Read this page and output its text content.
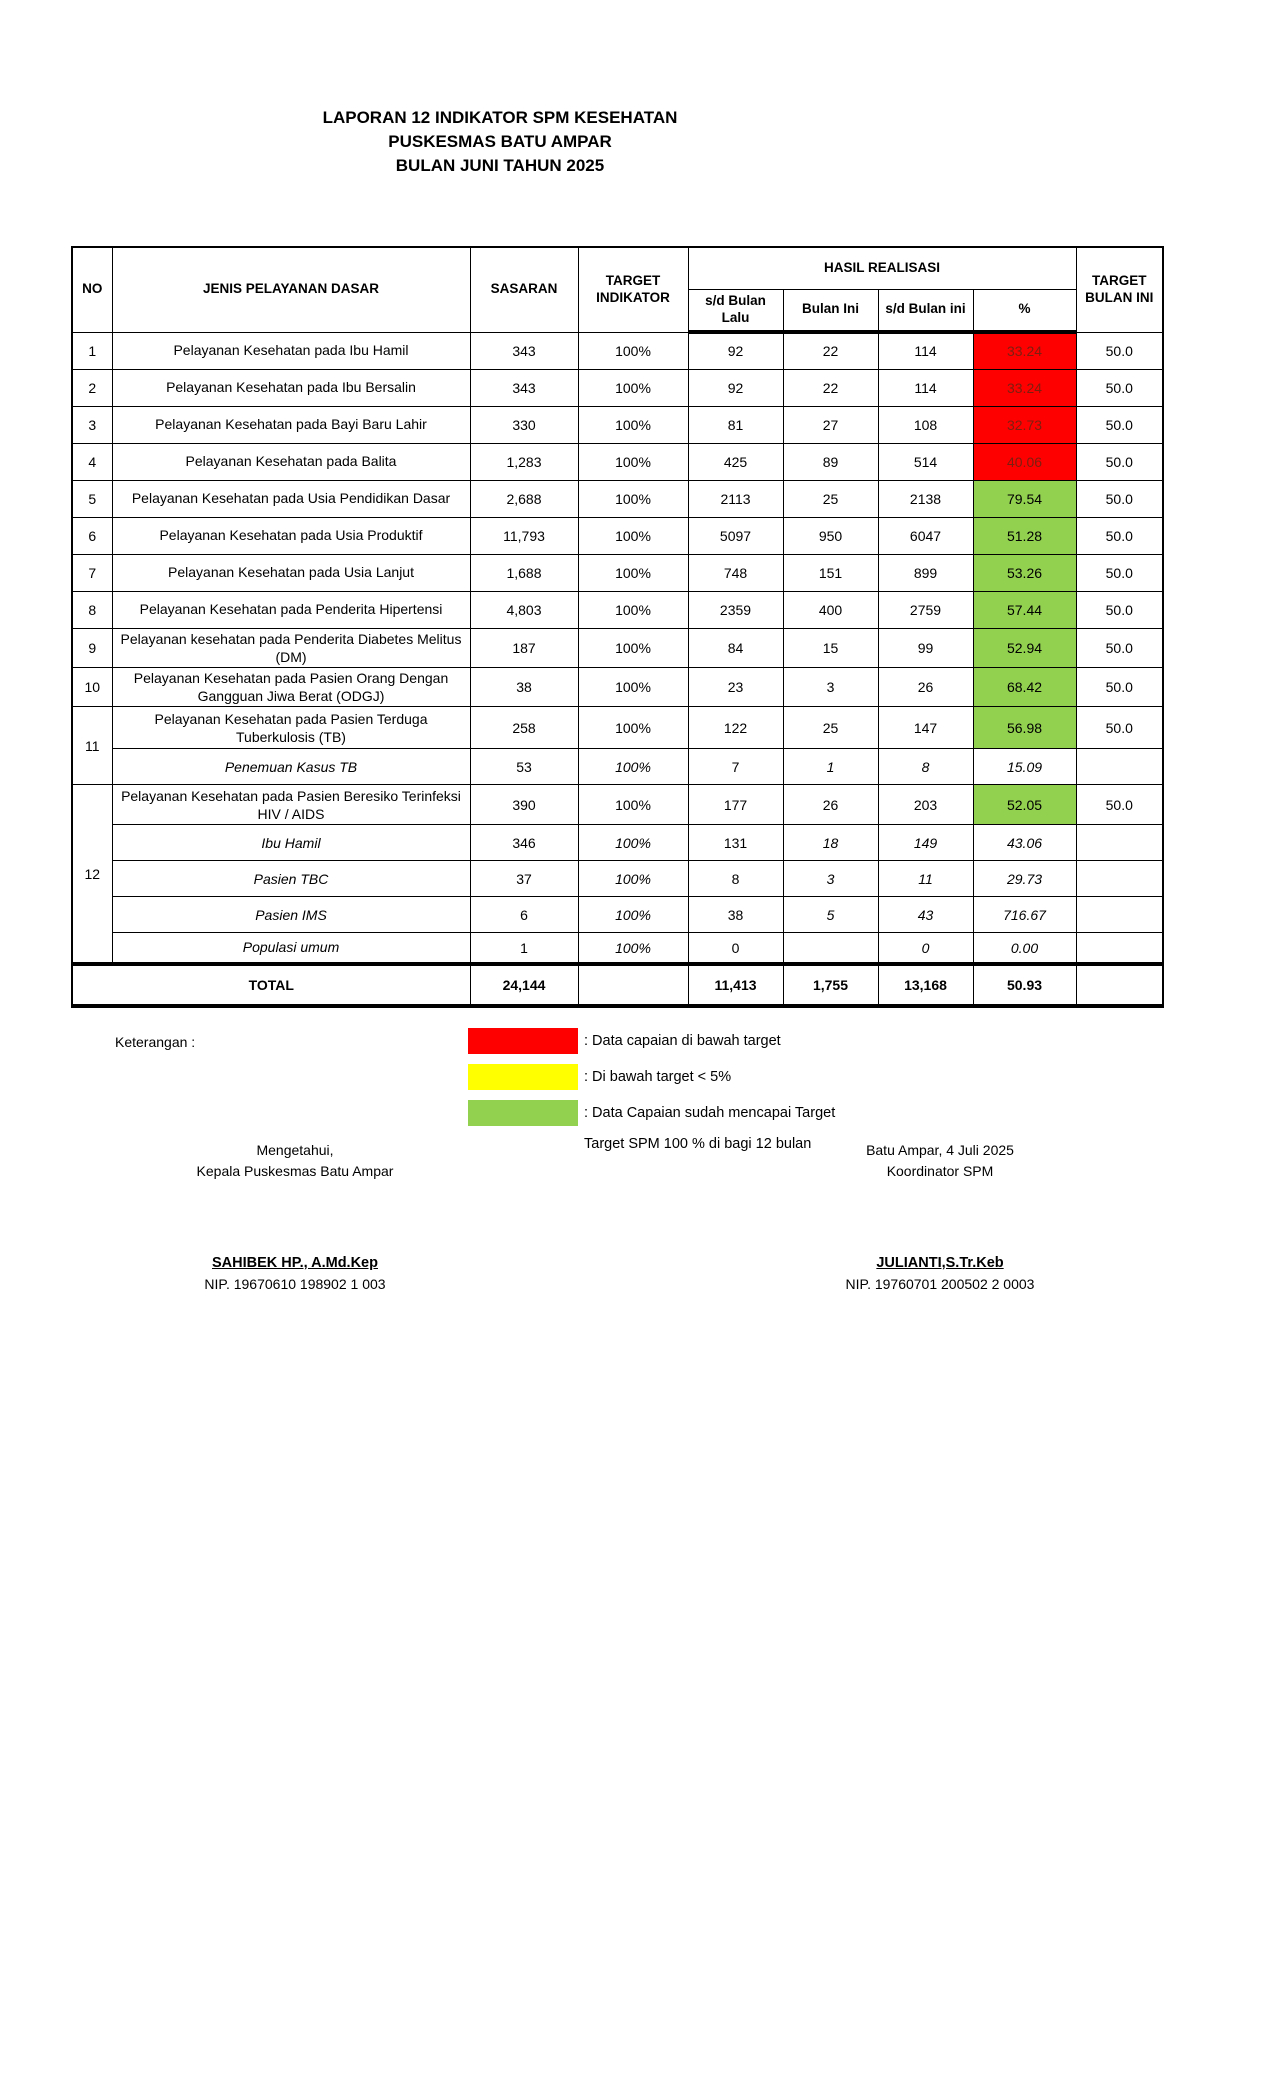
LAPORAN 12 INDIKATOR SPM KESEHATAN
PUSKESMAS BATU AMPAR
BULAN JUNI TAHUN 2025
NO	JENIS PELAYANAN DASAR	SASARAN	TARGET INDIKATOR	HASIL REALISASI				TARGET BULAN INI
				s/d Bulan Lalu	Bulan Ini	s/d Bulan ini	%	
1	Pelayanan Kesehatan pada Ibu Hamil	343	100%	92	22	114	33.24	50.0
2	Pelayanan Kesehatan pada Ibu Bersalin	343	100%	92	22	114	33.24	50.0
3	Pelayanan Kesehatan pada Bayi Baru Lahir	330	100%	81	27	108	32.73	50.0
4	Pelayanan Kesehatan pada Balita	1,283	100%	425	89	514	40.06	50.0
5	Pelayanan Kesehatan pada Usia Pendidikan Dasar	2,688	100%	2113	25	2138	79.54	50.0
6	Pelayanan Kesehatan pada Usia Produktif	11,793	100%	5097	950	6047	51.28	50.0
7	Pelayanan Kesehatan pada Usia Lanjut	1,688	100%	748	151	899	53.26	50.0
8	Pelayanan Kesehatan pada Penderita Hipertensi	4,803	100%	2359	400	2759	57.44	50.0
9	Pelayanan kesehatan pada Penderita Diabetes Melitus (DM)	187	100%	84	15	99	52.94	50.0
10	Pelayanan Kesehatan pada Pasien Orang Dengan Gangguan Jiwa Berat (ODGJ)	38	100%	23	3	26	68.42	50.0
11	Pelayanan Kesehatan pada Pasien Terduga Tuberkulosis (TB)	258	100%	122	25	147	56.98	50.0
	Penemuan Kasus TB	53	100%	7	1	8	15.09	
12	Pelayanan Kesehatan pada Pasien Beresiko Terinfeksi HIV / AIDS	390	100%	177	26	203	52.05	50.0
	Ibu Hamil	346	100%	131	18	149	43.06	
	Pasien TBC	37	100%	8	3	11	29.73	
	Pasien IMS	6	100%	38	5	43	716.67	
	Populasi umum	1	100%	0		0	0.00	
TOTAL		24,144		11,413	1,755	13,168	50.93	
Keterangan :	: Data capaian di bawah target
: Di bawah target < 5%
: Data Capaian sudah mencapai Target
Target SPM 100 % di bagi 12 bulan
Mengetahui,
Kepala Puskesmas Batu Ampar
SAHIBEK HP., A.Md.Kep
NIP. 19670610 198902 1 003
Batu Ampar, 4 Juli 2025
Koordinator SPM
JULIANTI,S.Tr.Keb
NIP. 19760701 200502 2 0003
